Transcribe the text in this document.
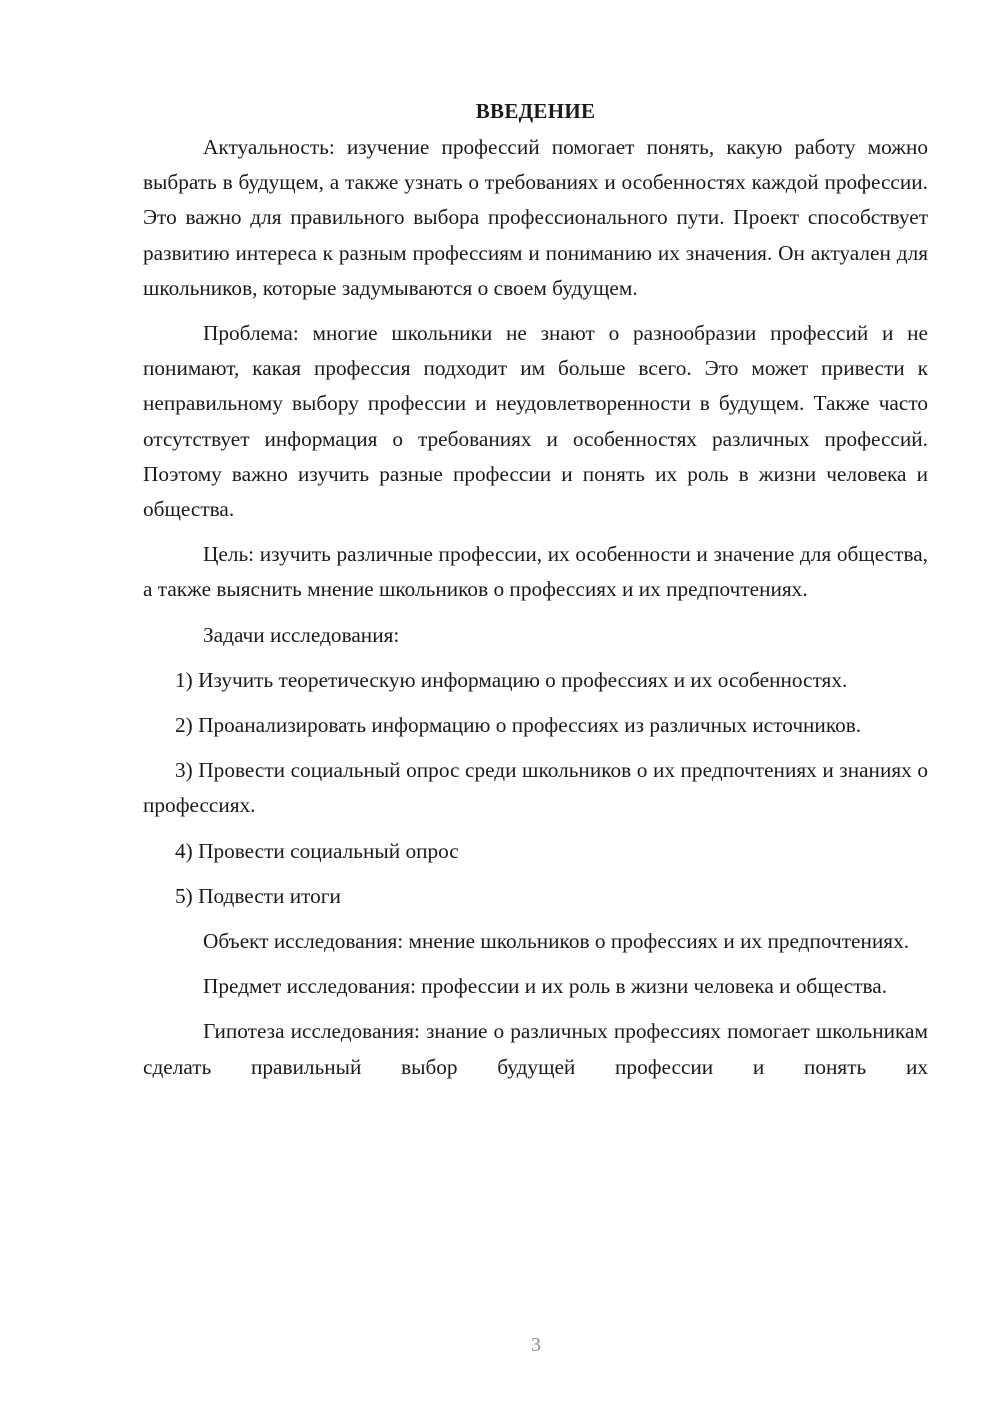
ВВЕДЕНИЕ

Актуальность: изучение профессий помогает понять, какую работу можно выбрать в будущем, а также узнать о требованиях и особенностях каждой профессии. Это важно для правильного выбора профессионального пути. Проект способствует развитию интереса к разным профессиям и пониманию их значения. Он актуален для школьников, которые задумываются о своем будущем.

Проблема: многие школьники не знают о разнообразии профессий и не понимают, какая профессия подходит им больше всего. Это может привести к неправильному выбору профессии и неудовлетворенности в будущем. Также часто отсутствует информация о требованиях и особенностях различных профессий. Поэтому важно изучить разные профессии и понять их роль в жизни человека и общества.

Цель: изучить различные профессии, их особенности и значение для общества, а также выяснить мнение школьников о профессиях и их предпочтениях.

Задачи исследования:

1) Изучить теоретическую информацию о профессиях и их особенностях.

2) Проанализировать информацию о профессиях из различных источников.

3) Провести социальный опрос среди школьников о их предпочтениях и знаниях о профессиях.

4) Провести социальный опрос

5) Подвести итоги

Объект исследования: мнение школьников о профессиях и их предпочтениях.

Предмет исследования: профессии и их роль в жизни человека и общества.

Гипотеза исследования: знание о различных профессиях помогает школьникам сделать правильный выбор будущей профессии и понять их

3
